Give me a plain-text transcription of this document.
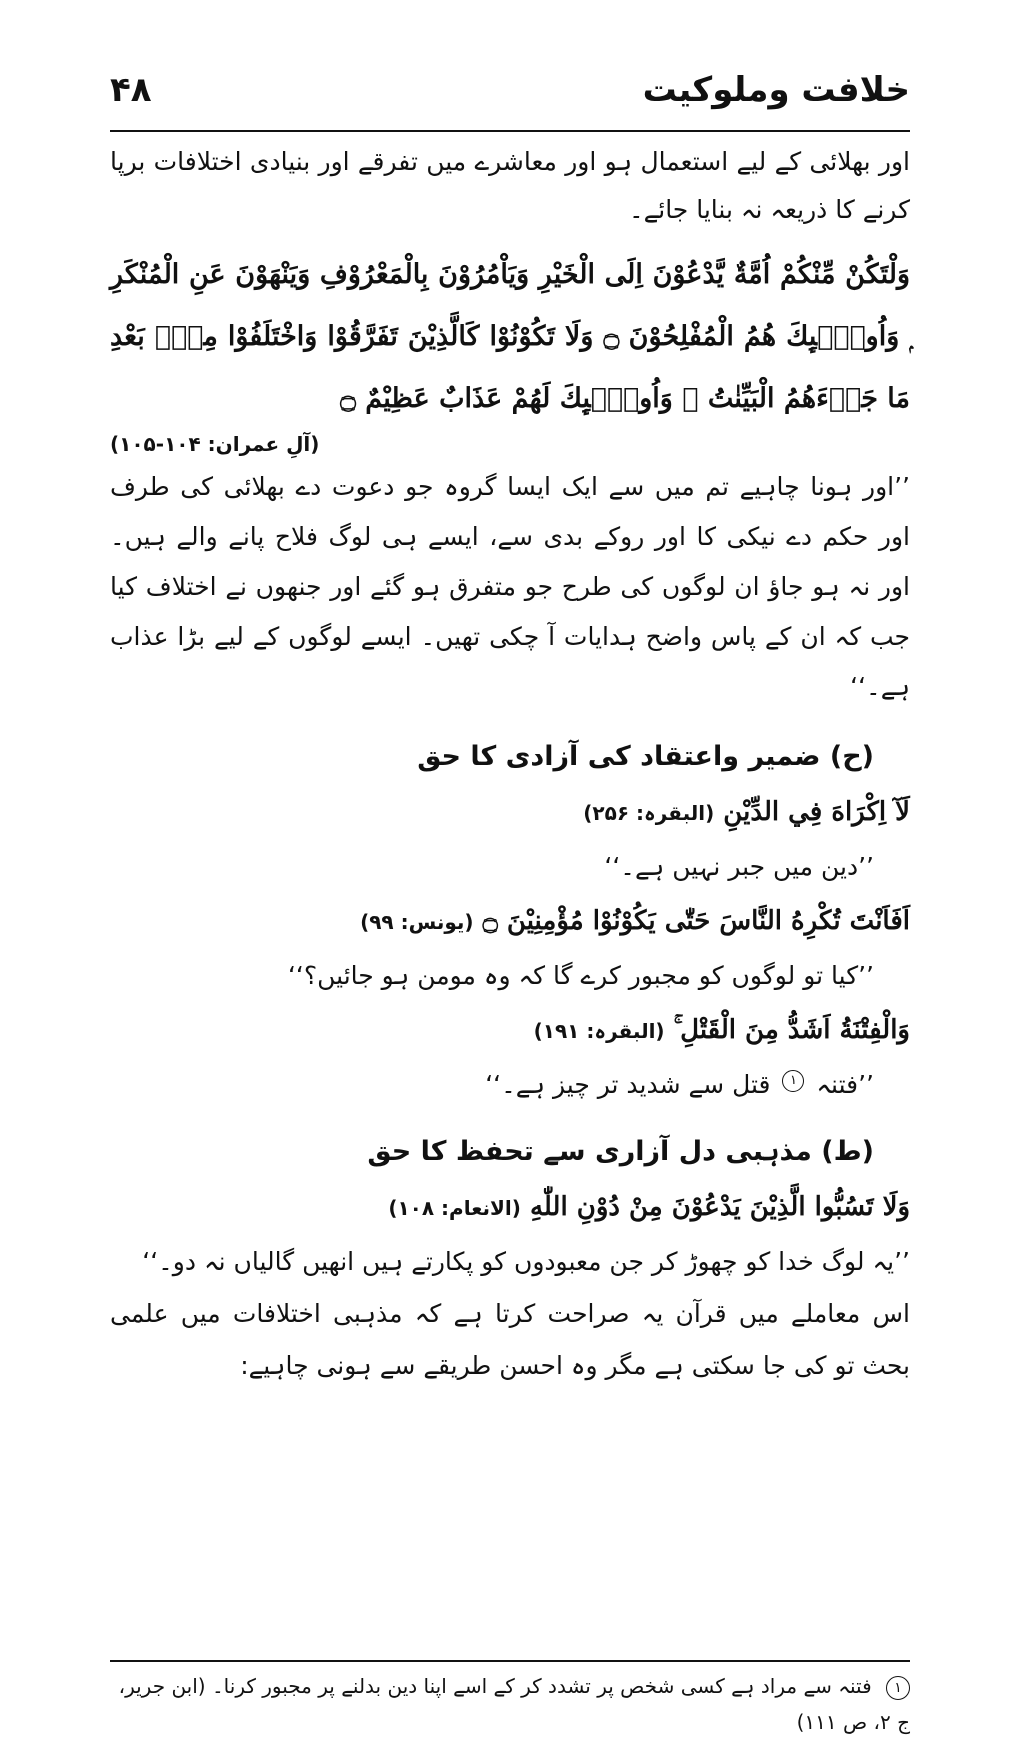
۴۸	خلافت وملوکیت

اور بھلائی کے لیے استعمال ہو اور معاشرے میں تفرقے اور بنیادی اختلافات برپا کرنے کا ذریعہ نہ بنایا جائے۔

وَلْتَكُنْ مِّنْكُمْ اُمَّةٌ يَّدْعُوْنَ اِلَى الْخَيْرِ وَيَاْمُرُوْنَ بِالْمَعْرُوْفِ وَيَنْهَوْنَ عَنِ الْمُنْكَرِ ۭ وَاُولٰۗىِٕكَ ھُمُ الْمُفْلِحُوْنَ ۝ وَلَا تَكُوْنُوْا كَالَّذِيْنَ تَفَرَّقُوْا وَاخْتَلَفُوْا مِنْۢ بَعْدِ مَا جَاۗءَھُمُ الْبَيِّنٰتُ ۭ وَاُولٰۗىِٕكَ لَھُمْ عَذَابٌ عَظِيْمٌ ۝

(آلِ عمران: ۱۰۴-۱۰۵)

’’اور ہونا چاہیے تم میں سے ایک ایسا گروہ جو دعوت دے بھلائی کی طرف اور حکم دے نیکی کا اور روکے بدی سے، ایسے ہی لوگ فلاح پانے والے ہیں۔ اور نہ ہو جاؤ ان لوگوں کی طرح جو متفرق ہو گئے اور جنھوں نے اختلاف کیا جب کہ ان کے پاس واضح ہدایات آ چکی تھیں۔ ایسے لوگوں کے لیے بڑا عذاب ہے۔‘‘

(ح) ضمیر واعتقاد کی آزادی کا حق

لَآ اِكْرَاهَ فِي الدِّيْنِ (البقرہ: ۲۵۶)

’’دین میں جبر نہیں ہے۔‘‘

اَفَاَنْتَ تُكْرِهُ النَّاسَ حَتّٰى يَكُوْنُوْا مُؤْمِنِيْنَ ۝ (یونس: ۹۹)

’’کیا تو لوگوں کو مجبور کرے گا کہ وہ مومن ہو جائیں؟‘‘

وَالْفِتْنَةُ اَشَدُّ مِنَ الْقَتْلِ ۚ (البقرہ: ۱۹۱)

’’فتنہ ۱ قتل سے شدید تر چیز ہے۔‘‘

(ط) مذہبی دل آزاری سے تحفظ کا حق

وَلَا تَسُبُّوا الَّذِيْنَ يَدْعُوْنَ مِنْ دُوْنِ اللّٰهِ (الانعام: ۱۰۸)

’’یہ لوگ خدا کو چھوڑ کر جن معبودوں کو پکارتے ہیں انھیں گالیاں نہ دو۔‘‘

اس معاملے میں قرآن یہ صراحت کرتا ہے کہ مذہبی اختلافات میں علمی بحث تو کی جا سکتی ہے مگر وہ احسن طریقے سے ہونی چاہیے:

۱ فتنہ سے مراد ہے کسی شخص پر تشدد کر کے اسے اپنا دین بدلنے پر مجبور کرنا۔ (ابن جریر، ج ۲، ص ۱۱۱)
